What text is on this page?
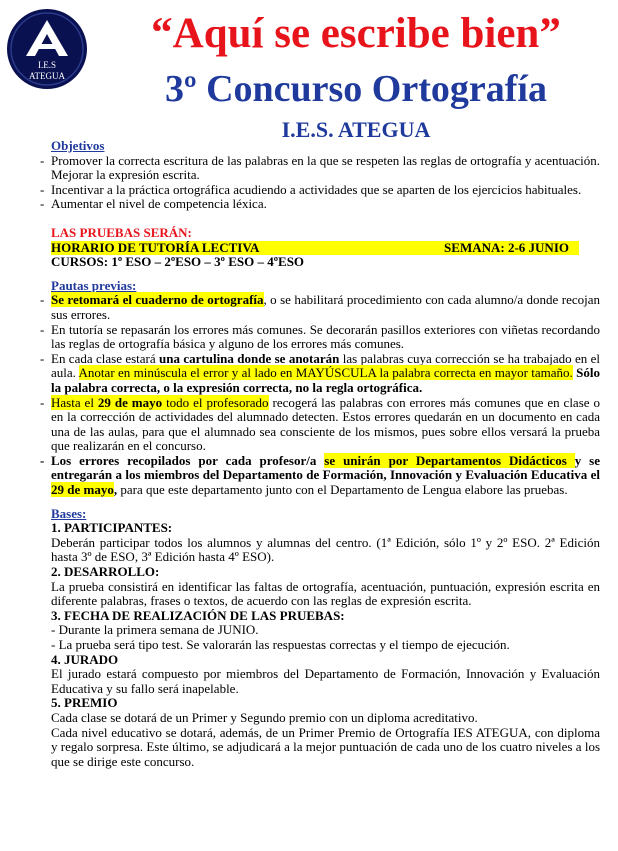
I.E.S
ATEGUA
“Aquí se escribe bien”
3º Concurso Ortografía
I.E.S. ATEGUA
Objetivos
- Promover la correcta escritura de las palabras en la que se respeten las reglas de ortografía y acentuación. Mejorar la expresión escrita.
- Incentivar a la práctica ortográfica acudiendo a actividades que se aparten de los ejercicios habituales.
- Aumentar el nivel de competencia léxica.
LAS PRUEBAS SERÁN:
HORARIO DE TUTORÍA LECTIVA	SEMANA: 2-6 JUNIO
CURSOS: 1º ESO – 2ºESO – 3º ESO – 4ºESO
Pautas previas:
- Se retomará el cuaderno de ortografía, o se habilitará procedimiento con cada alumno/a donde recojan sus errores.
- En tutoría se repasarán los errores más comunes. Se decorarán pasillos exteriores con viñetas recordando las reglas de ortografía básica y alguno de los errores más comunes.
- En cada clase estará una cartulina donde se anotarán las palabras cuya corrección se ha trabajado en el aula. Anotar en minúscula el error y al lado en MAYÚSCULA la palabra correcta en mayor tamaño. Sólo la palabra correcta, o la expresión correcta, no la regla ortográfica.
- Hasta el 29 de mayo todo el profesorado recogerá las palabras con errores más comunes que en clase o en la corrección de actividades del alumnado detecten. Estos errores quedarán en un documento en cada una de las aulas, para que el alumnado sea consciente de los mismos, pues sobre ellos versará la prueba que realizarán en el concurso.
- Los errores recopilados por cada profesor/a se unirán por Departamentos Didácticos y se entregarán a los miembros del Departamento de Formación, Innovación y Evaluación Educativa el 29 de mayo, para que este departamento junto con el Departamento de Lengua elabore las pruebas.
Bases:

1. PARTICIPANTES:

Deberán participar todos los alumnos y alumnas del centro. (1ª Edición, sólo 1º y 2º ESO. 2ª Edición hasta 3º de ESO, 3ª Edición hasta 4º ESO).

2. DESARROLLO:

La prueba consistirá en identificar las faltas de ortografía, acentuación, puntuación, expresión escrita en diferente palabras, frases o textos, de acuerdo con las reglas de expresión escrita.

3. FECHA DE REALIZACIÓN DE LAS PRUEBAS:

- Durante la primera semana de JUNIO.

- La prueba será tipo test. Se valorarán las respuestas correctas y el tiempo de ejecución.

4. JURADO

El jurado estará compuesto por miembros del Departamento de Formación, Innovación y Evaluación Educativa y su fallo será inapelable.

5. PREMIO

Cada clase se dotará de un Primer y Segundo premio con un diploma acreditativo.

Cada nivel educativo se dotará, además, de un Primer Premio de Ortografía IES ATEGUA, con diploma y regalo sorpresa. Este último, se adjudicará a la mejor puntuación de cada uno de los cuatro niveles a los que se dirige este concurso.
